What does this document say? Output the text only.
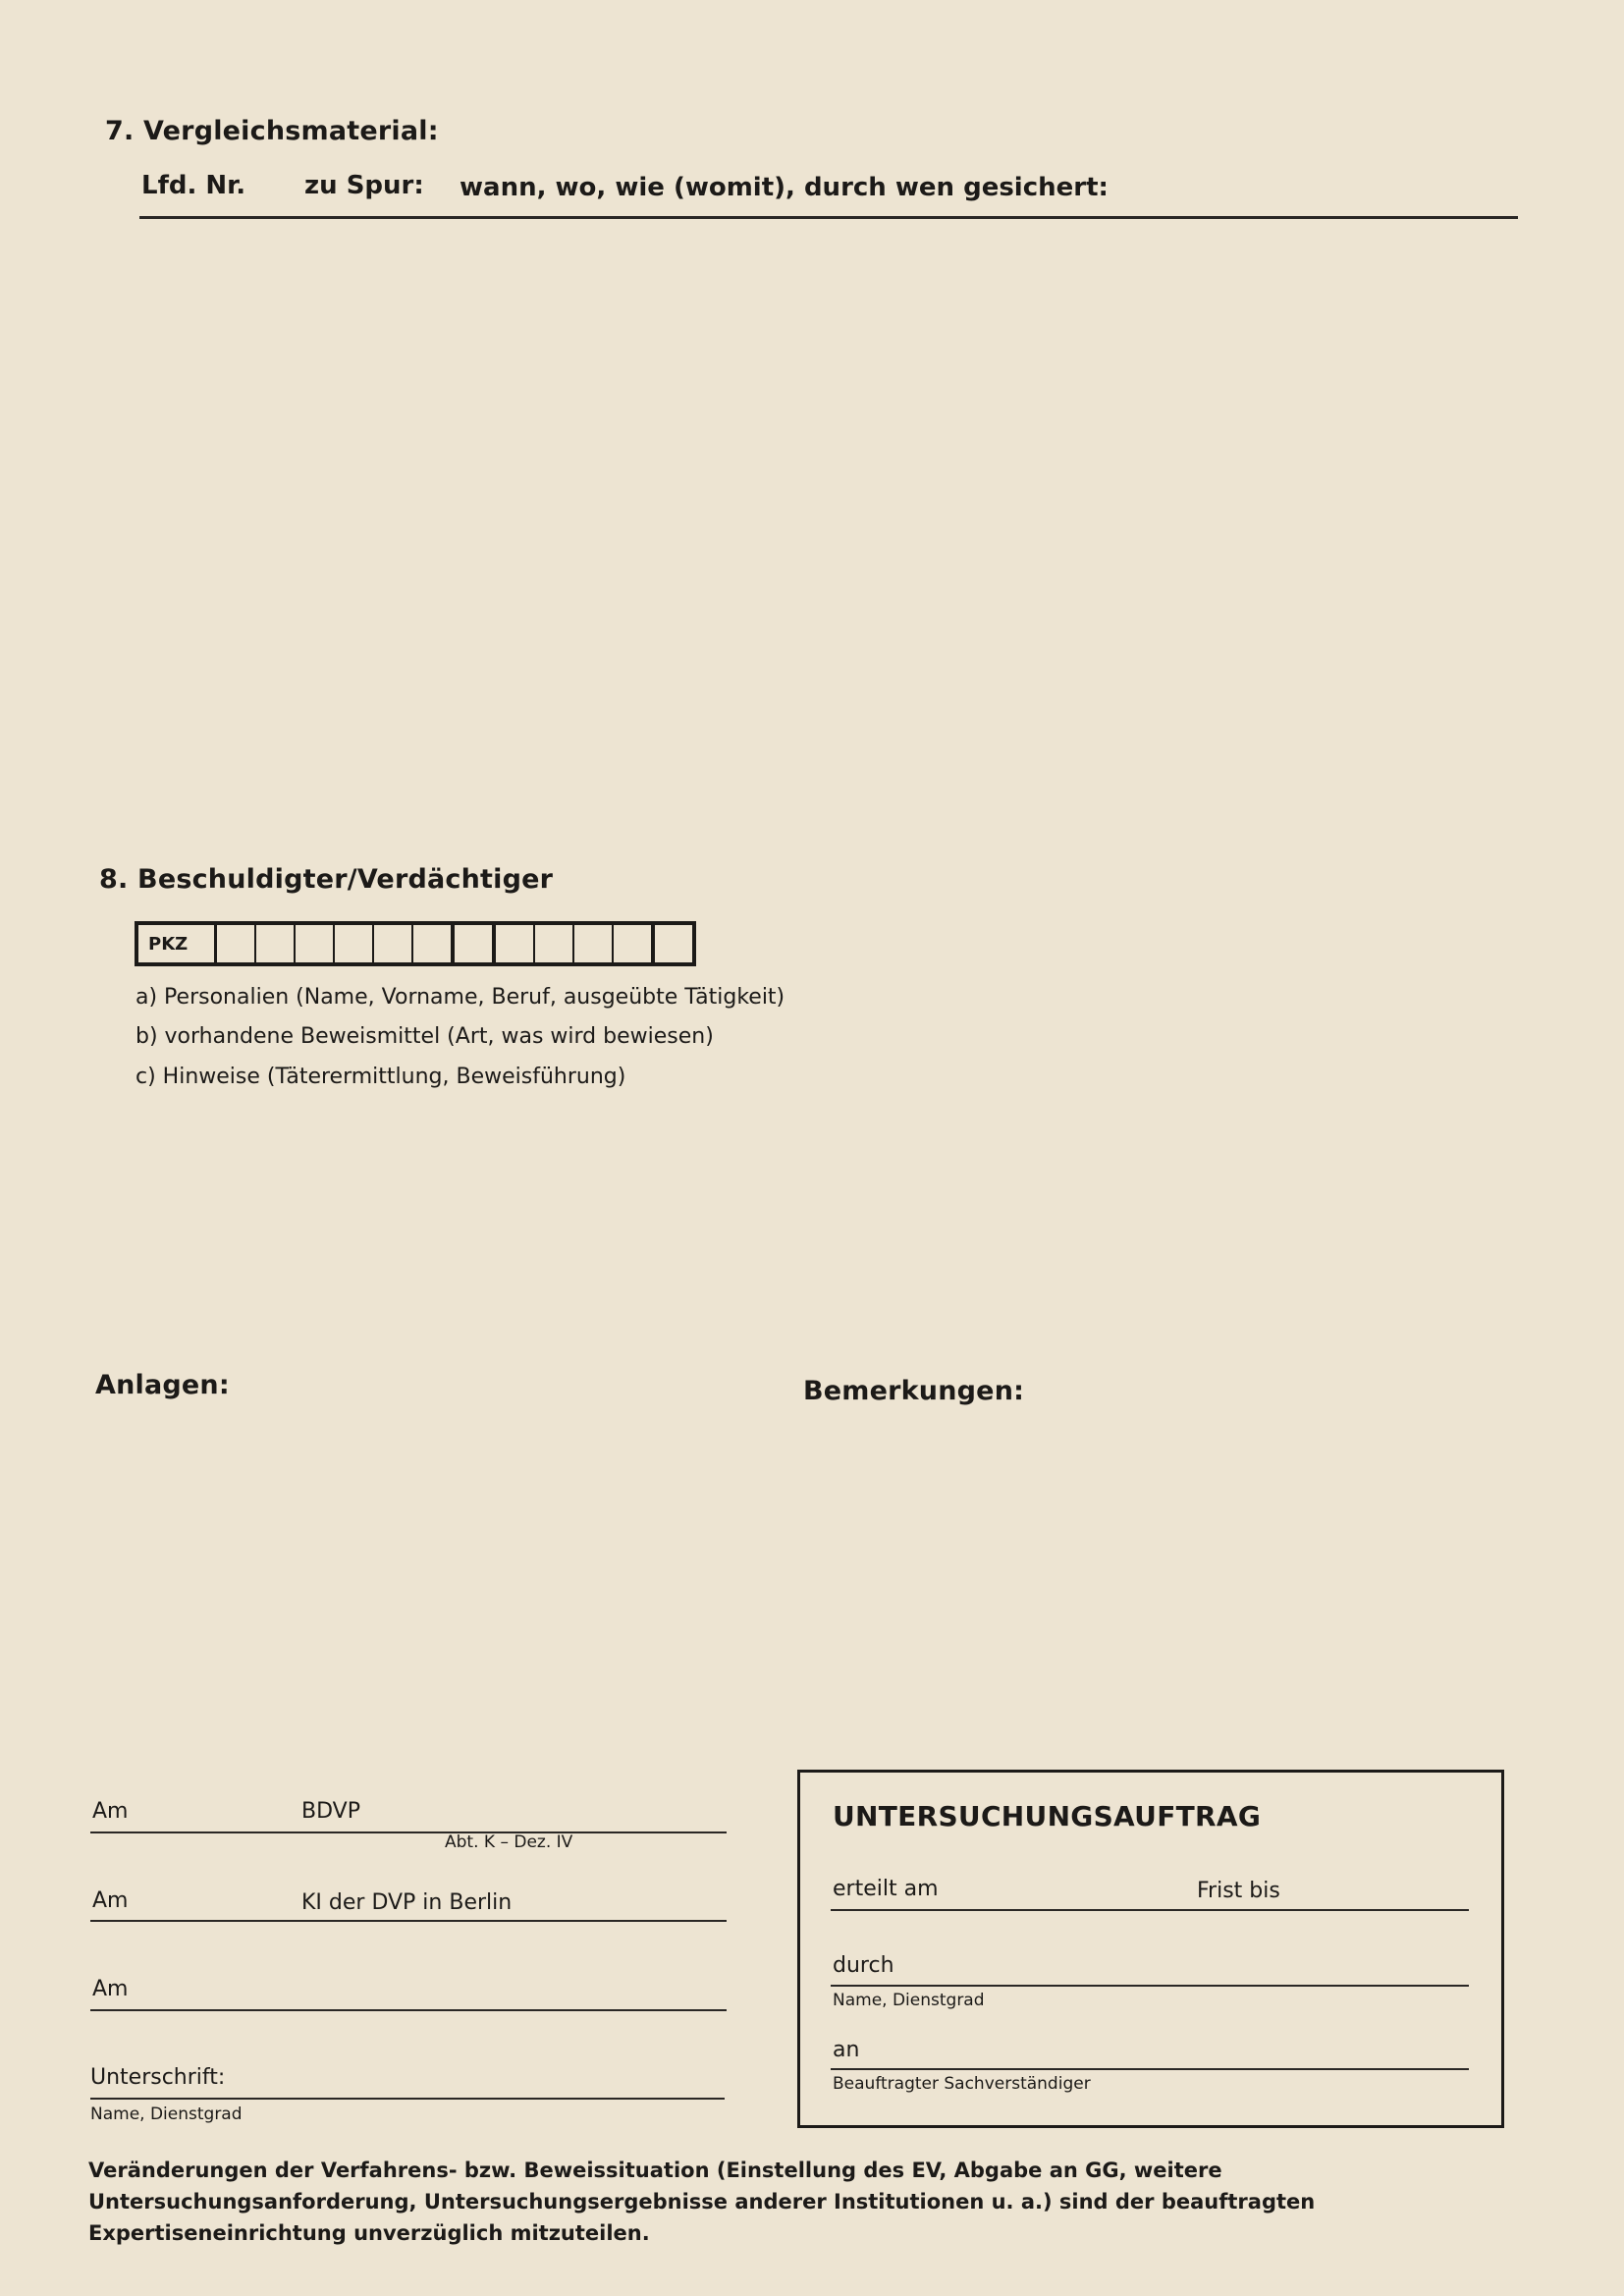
7. Vergleichsmaterial:
Lfd. Nr. zu Spur: wann, wo, wie (womit), durch wen gesichert:
8. Beschuldigter/Verdächtiger
PKZ
a) Personalien (Name, Vorname, Beruf, ausgeübte Tätigkeit)
b) vorhandene Beweismittel (Art, was wird bewiesen)
c) Hinweise (Täterermittlung, Beweisführung)
Anlagen:	Bemerkungen:
Am	BDVP
Abt. K – Dez. IV
Am	KI der DVP in Berlin
Am
Unterschrift:
Name, Dienstgrad
UNTERSUCHUNGSAUFTRAG
erteilt am	Frist bis
durch
Name, Dienstgrad
an
Beauftragter Sachverständiger
Veränderungen der Verfahrens- bzw. Beweissituation (Einstellung des EV, Abgabe an GG, weitere Untersuchungsanforderung, Untersuchungsergebnisse anderer Institutionen u. a.) sind der beauftragten Expertiseneinrichtung unverzüglich mitzuteilen.
